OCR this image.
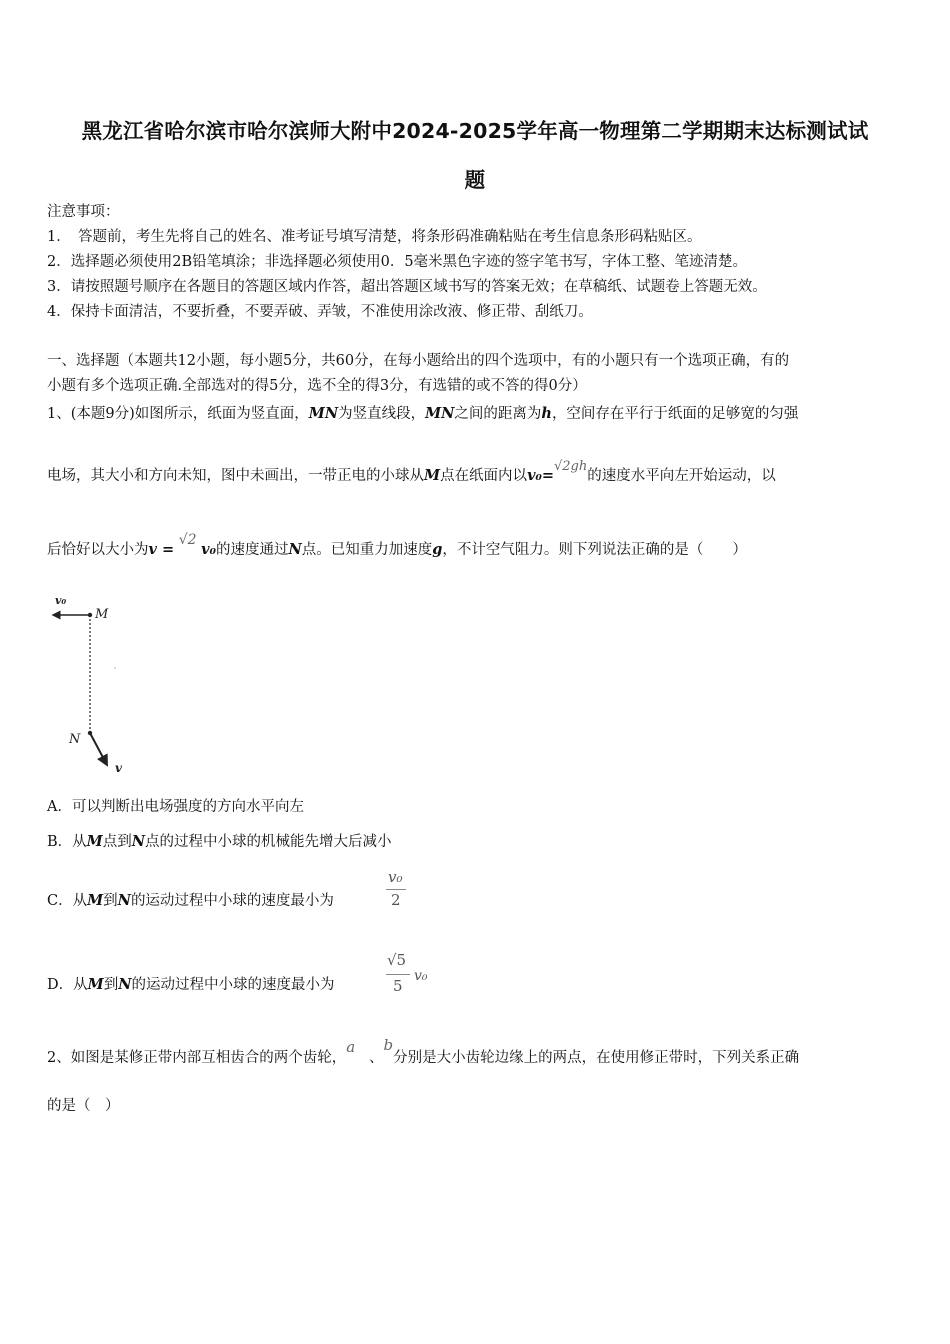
黑龙江省哈尔滨市哈尔滨师大附中2024-2025学年高一物理第二学期期末达标测试试
题
注意事项：
1．　答题前，考生先将自己的姓名、准考证号填写清楚，将条形码准确粘贴在考生信息条形码粘贴区。
2．选择题必须使用2B铅笔填涂；非选择题必须使用0．5毫米黑色字迹的签字笔书写，字体工整、笔迹清楚。
3．请按照题号顺序在各题目的答题区域内作答，超出答题区域书写的答案无效；在草稿纸、试题卷上答题无效。
4．保持卡面清洁，不要折叠，不要弄破、弄皱，不准使用涂改液、修正带、刮纸刀。
一、选择题（本题共12小题，每小题5分，共60分，在每小题给出的四个选项中，有的小题只有一个选项正确，有的
小题有多个选项正确.全部选对的得5分，选不全的得3分，有选错的或不答的得0分）
1、(本题9分)如图所示，纸面为竖直面，MN为竖直线段，MN之间的距离为h，空间存在平行于纸面的足够宽的匀强
电场，其大小和方向未知，图中未画出，一带正电的小球从M点在纸面内以v₀=√2gh的速度水平向左开始运动，以
后恰好以大小为v = √2 v₀的速度通过N点。已知重力加速度g，不计空气阻力。则下列说法正确的是（　　）
v₀
M
N
v
A．可以判断出电场强度的方向水平向左
B．从M点到N点的过程中小球的机械能先增大后减小
C．从M到N的运动过程中小球的速度最小为
v₀
2
D．从M到N的运动过程中小球的速度最小为
√5
5
v₀
2、如图是某修正带内部互相齿合的两个齿轮，a   、b分别是大小齿轮边缘上的两点，在使用修正带时，下列关系正确
的是（　）
